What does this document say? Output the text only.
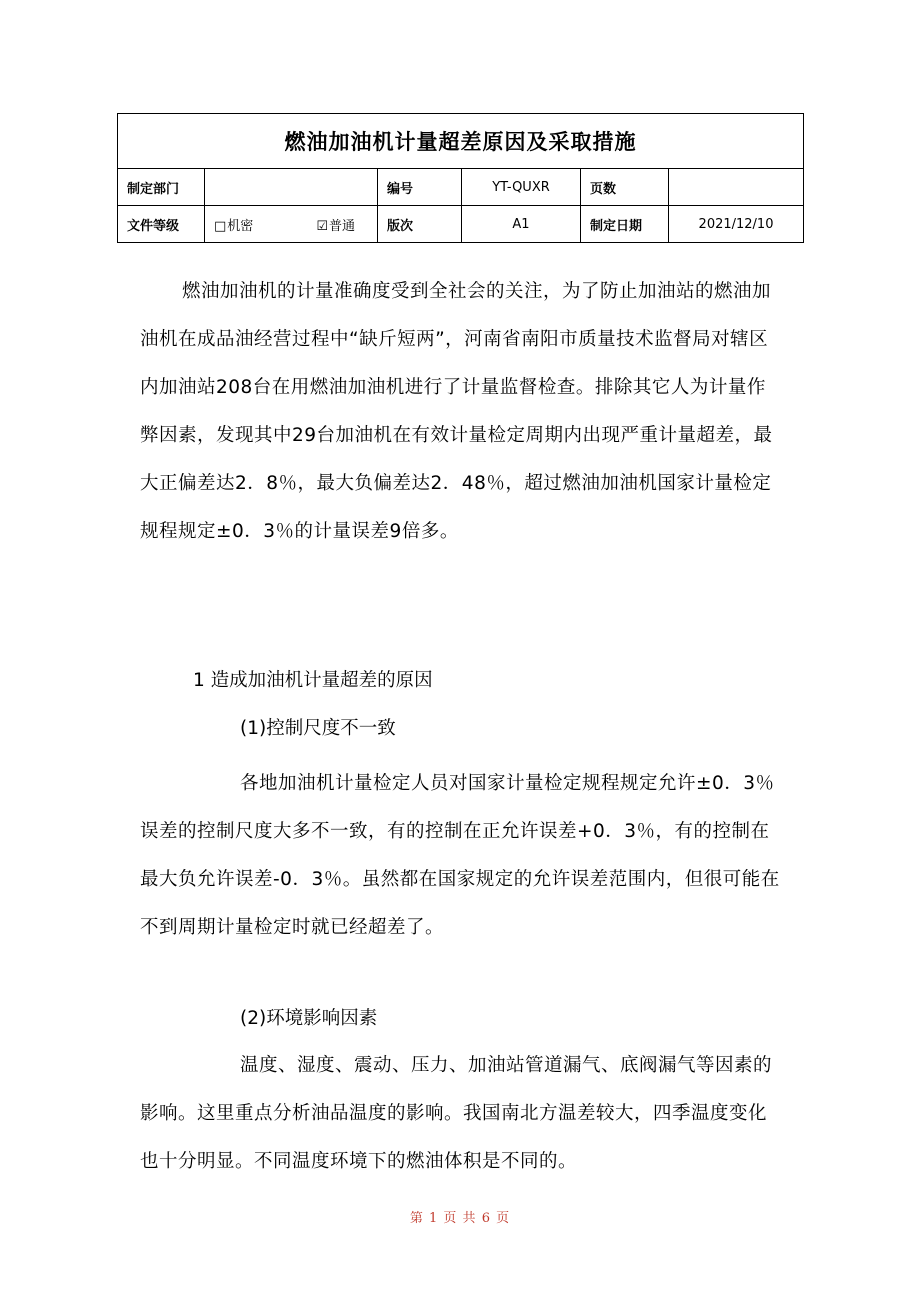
燃油加油机计量超差原因及采取措施					
制定部门		编号	YT-QUXR	页数	
文件等级	□机密 ☑普通	版次	A1	制定日期	2021/12/10

燃油加油机的计量准确度受到全社会的关注，为了防止加油站的燃油加油机在成品油经营过程中“缺斤短两”，河南省南阳市质量技术监督局对辖区内加油站208台在用燃油加油机进行了计量监督检查。排除其它人为计量作弊因素，发现其中29台加油机在有效计量检定周期内出现严重计量超差，最大正偏差达2．8％，最大负偏差达2．48％，超过燃油加油机国家计量检定规程规定±0．3％的计量误差9倍多。

1 造成加油机计量超差的原因

(1)控制尺度不一致

各地加油机计量检定人员对国家计量检定规程规定允许±0．3％误差的控制尺度大多不一致，有的控制在正允许误差+0．3％，有的控制在最大负允许误差-0．3％。虽然都在国家规定的允许误差范围内，但很可能在不到周期计量检定时就已经超差了。

(2)环境影响因素

温度、湿度、震动、压力、加油站管道漏气、底阀漏气等因素的影响。这里重点分析油品温度的影响。我国南北方温差较大，四季温度变化也十分明显。不同温度环境下的燃油体积是不同的。

第 1 页 共 6 页
